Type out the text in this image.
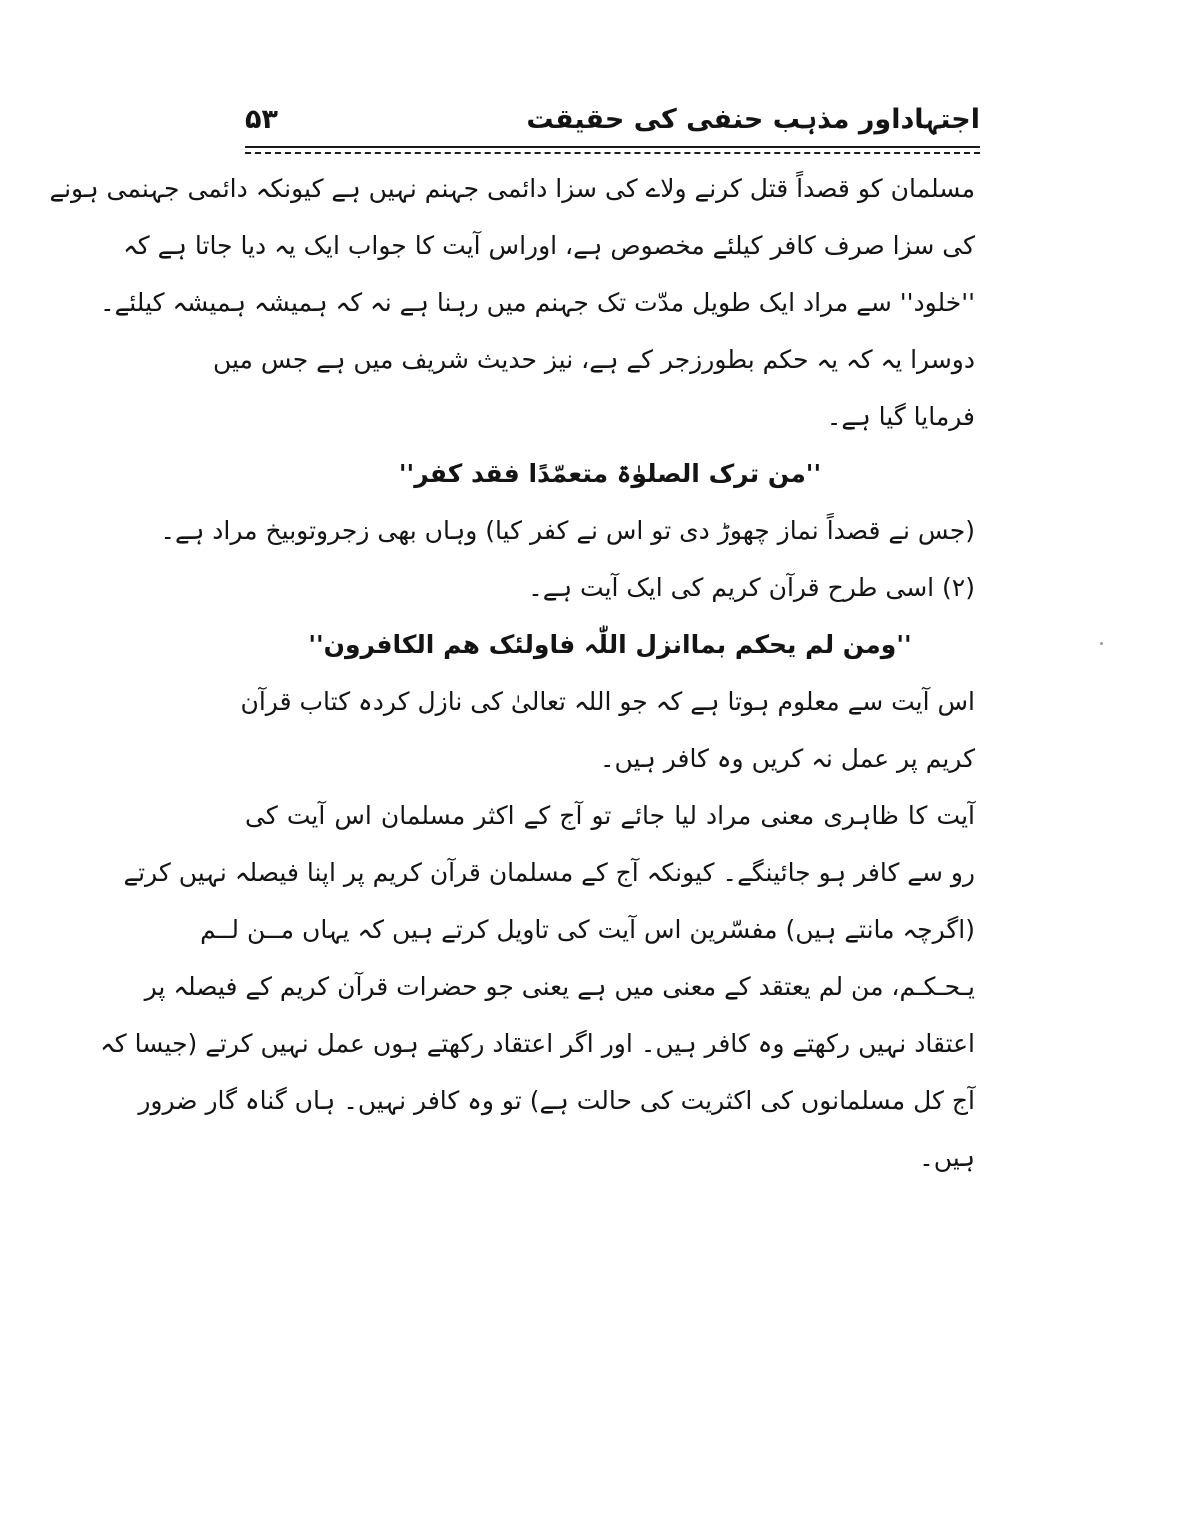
اجتہاداور مذہب حنفی کی حقیقت
۵۳
مسلمان کو قصداً قتل کرنے ولاے کی سزا دائمی جہنم نہیں ہے کیونکہ دائمی جہنمی ہونے
کی سزا صرف کافر کیلئے مخصوص ہے، اوراس آیت کا جواب ایک یہ دیا جاتا ہے کہ
''خلود'' سے مراد ایک طویل مدّت تک جہنم میں رہنا ہے نہ کہ ہمیشہ ہمیشہ کیلئے۔
دوسرا یہ کہ یہ حکم بطورزجر کے ہے، نیز حدیث شریف میں ہے جس میں
فرمایا گیا ہے۔
''من ترک الصلوٰۃ متعمّدًا فقد کفر''
(جس نے قصداً نماز چھوڑ دی تو اس نے کفر کیا) وہاں بھی زجروتوبیخ مراد ہے۔
(۲) اسی طرح قرآن کریم کی ایک آیت ہے۔
''ومن لم یحکم بماانزل اللّٰہ فاولئک ھم الکافرون''
اس آیت سے معلوم ہوتا ہے کہ جو اللہ تعالیٰ کی نازل کردہ کتاب قرآن
کریم پر عمل نہ کریں وہ کافر ہیں۔
آیت کا ظاہری معنی مراد لیا جائے تو آج کے اکثر مسلمان اس آیت کی
رو سے کافر ہو جائینگے۔ کیونکہ آج کے مسلمان قرآن کریم پر اپنا فیصلہ نہیں کرتے
(اگرچہ مانتے ہیں) مفسّرین اس آیت کی تاویل کرتے ہیں کہ یہاں مــن لــم
یـحـکـم، من لم یعتقد کے معنی میں ہے یعنی جو حضرات قرآن کریم کے فیصلہ پر
اعتقاد نہیں رکھتے وہ کافر ہیں۔ اور اگر اعتقاد رکھتے ہوں عمل نہیں کرتے (جیسا کہ
آج کل مسلمانوں کی اکثریت کی حالت ہے) تو وہ کافر نہیں۔ ہاں گناہ گار ضرور
ہیں۔
